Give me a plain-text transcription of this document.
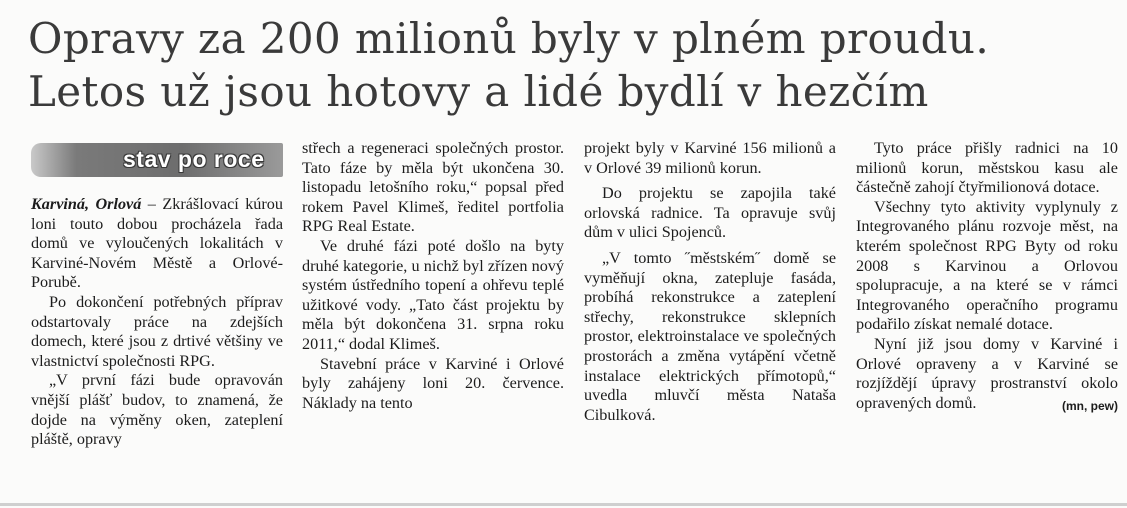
Opravy za 200 milionů byly v plném proudu.
Letos už jsou hotovy a lidé bydlí v hezčím
stav po roce

Karviná, Orlová – Zkrášlovací kúrou loni touto dobou procházela řada domů ve vyloučených lokalitách v Karviné-Novém Městě a Orlové-Porubě.

Po dokončení potřebných příprav odstartovaly práce na zdejších domech, které jsou z drtivé většiny ve vlastnictví společnosti RPG.

„V první fázi bude opravován vnější plášť budov, to znamená, že dojde na výměny oken, zateplení pláště, opravy

střech a regeneraci společných prostor. Tato fáze by měla být ukončena 30. listopadu letošního roku,“ popsal před rokem Pavel Klimeš, ředitel portfolia RPG Real Estate.

Ve druhé fázi poté došlo na byty druhé kategorie, u nichž byl zřízen nový systém ústředního topení a ohřevu teplé užitkové vody. „Tato část projektu by měla být dokončena 31. srpna roku 2011,“ dodal Klimeš.

Stavební práce v Karviné i Orlové byly zahájeny loni 20. července. Náklady na tento

projekt byly v Karviné 156 milionů a v Orlové 39 milionů korun.

Do projektu se zapojila také orlovská radnice. Ta opravuje svůj dům v ulici Spojenců.

„V tomto ˝městském˝ domě se vyměňují okna, zatepluje fasáda, probíhá rekonstrukce a zateplení střechy, rekonstrukce sklepních prostor, elektroinstalace ve společných prostorách a změna vytápění včetně instalace elektrických přímotopů,“ uvedla mluvčí města Nataša Cibulková.

Tyto práce přišly radnici na 10 milionů korun, městskou kasu ale částečně zahojí čtyřmilionová dotace.

Všechny tyto aktivity vyplynuly z Integrovaného plánu rozvoje měst, na kterém společnost RPG Byty od roku 2008 s Karvinou a Orlovou spolupracuje, a na které se v rámci Integrovaného operačního programu podařilo získat nemalé dotace.

Nyní již jsou domy v Karviné i Orlové opraveny a v Karviné se rozjíždějí úpravy prostranství okolo opravených domů.	(mn, pew)
